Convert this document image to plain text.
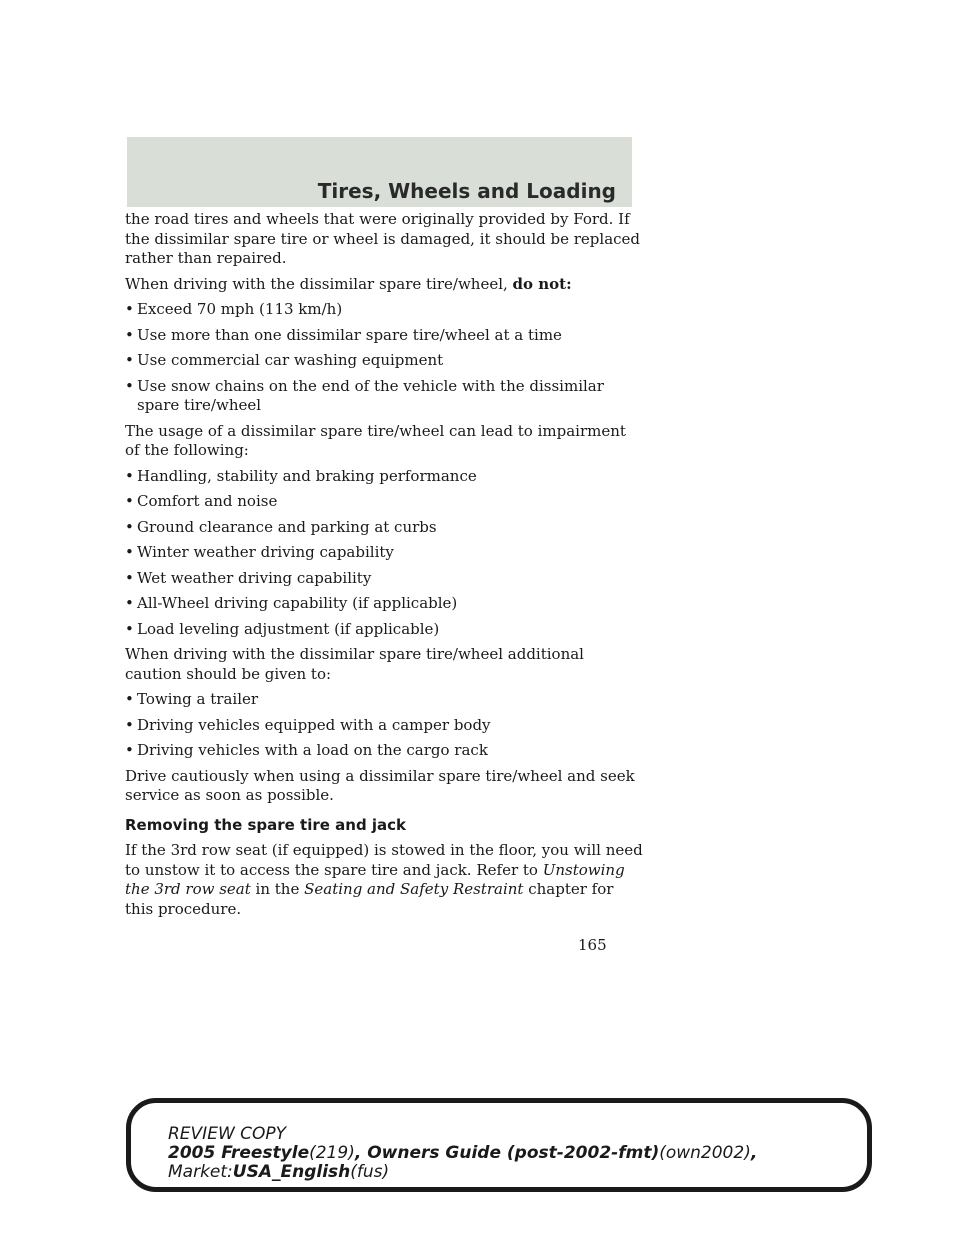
Tires, Wheels and Loading

the road tires and wheels that were originally provided by Ford. If the dissimilar spare tire or wheel is damaged, it should be replaced rather than repaired.

When driving with the dissimilar spare tire/wheel, do not:

• Exceed 70 mph (113 km/h)
• Use more than one dissimilar spare tire/wheel at a time
• Use commercial car washing equipment
• Use snow chains on the end of the vehicle with the dissimilar spare tire/wheel

The usage of a dissimilar spare tire/wheel can lead to impairment of the following:

• Handling, stability and braking performance
• Comfort and noise
• Ground clearance and parking at curbs
• Winter weather driving capability
• Wet weather driving capability
• All-Wheel driving capability (if applicable)
• Load leveling adjustment (if applicable)

When driving with the dissimilar spare tire/wheel additional caution should be given to:

• Towing a trailer
• Driving vehicles equipped with a camper body
• Driving vehicles with a load on the cargo rack

Drive cautiously when using a dissimilar spare tire/wheel and seek service as soon as possible.

Removing the spare tire and jack

If the 3rd row seat (if equipped) is stowed in the floor, you will need to unstow it to access the spare tire and jack. Refer to Unstowing the 3rd row seat in the Seating and Safety Restraint chapter for this procedure.

165
REVIEW COPY
2005 Freestyle(219), Owners Guide (post-2002-fmt)(own2002),
Market:USA_English(fus)
